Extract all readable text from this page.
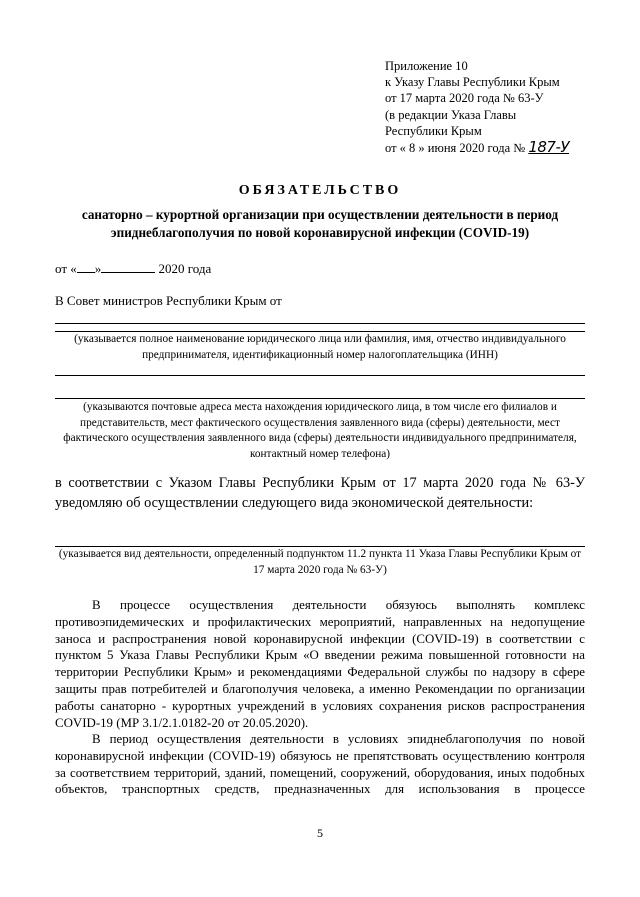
Приложение 10
к Указу Главы Республики Крым
от 17 марта 2020 года № 63-У
(в редакции Указа Главы
Республики Крым
от « 8 » июня 2020 года № 187-У
ОБЯЗАТЕЛЬСТВО
санаторно – курортной организации при осуществлении деятельности в период эпиднеблагополучия по новой коронавирусной инфекции (COVID-19)
от « »	2020 года
В Совет министров Республики Крым от
(указывается полное наименование юридического лица или фамилия, имя, отчество индивидуального предпринимателя, идентификационный номер налогоплательщика (ИНН)
(указываются почтовые адреса места нахождения юридического лица, в том числе его филиалов и представительств, мест фактического осуществления заявленного вида (сферы) деятельности, мест фактического осуществления заявленного вида (сферы) деятельности индивидуального предпринимателя, контактный номер телефона)
в соответствии с Указом Главы Республики Крым от 17 марта 2020 года № 63-У уведомляю об осуществлении следующего вида экономической деятельности:
(указывается вид деятельности, определенный подпунктом 11.2 пункта 11 Указа Главы Республики Крым от 17 марта 2020 года № 63-У)
В процессе осуществления деятельности обязуюсь выполнять комплекс противоэпидемических и профилактических мероприятий, направленных на недопущение заноса и распространения новой коронавирусной инфекции (COVID-19) в соответствии с пунктом 5 Указа Главы Республики Крым «О введении режима повышенной готовности на территории Республики Крым» и рекомендациями Федеральной службы по надзору в сфере защиты прав потребителей и благополучия человека, а именно Рекомендации по организации работы санаторно - курортных учреждений в условиях сохранения рисков распространения COVID-19 (МР 3.1/2.1.0182-20 от 20.05.2020).
В период осуществления деятельности в условиях эпиднеблагополучия по новой коронавирусной инфекции (COVID-19) обязуюсь не препятствовать осуществлению контроля за соответствием территорий, зданий, помещений, сооружений, оборудования, иных подобных объектов, транспортных средств, предназначенных для использования в процессе
5
